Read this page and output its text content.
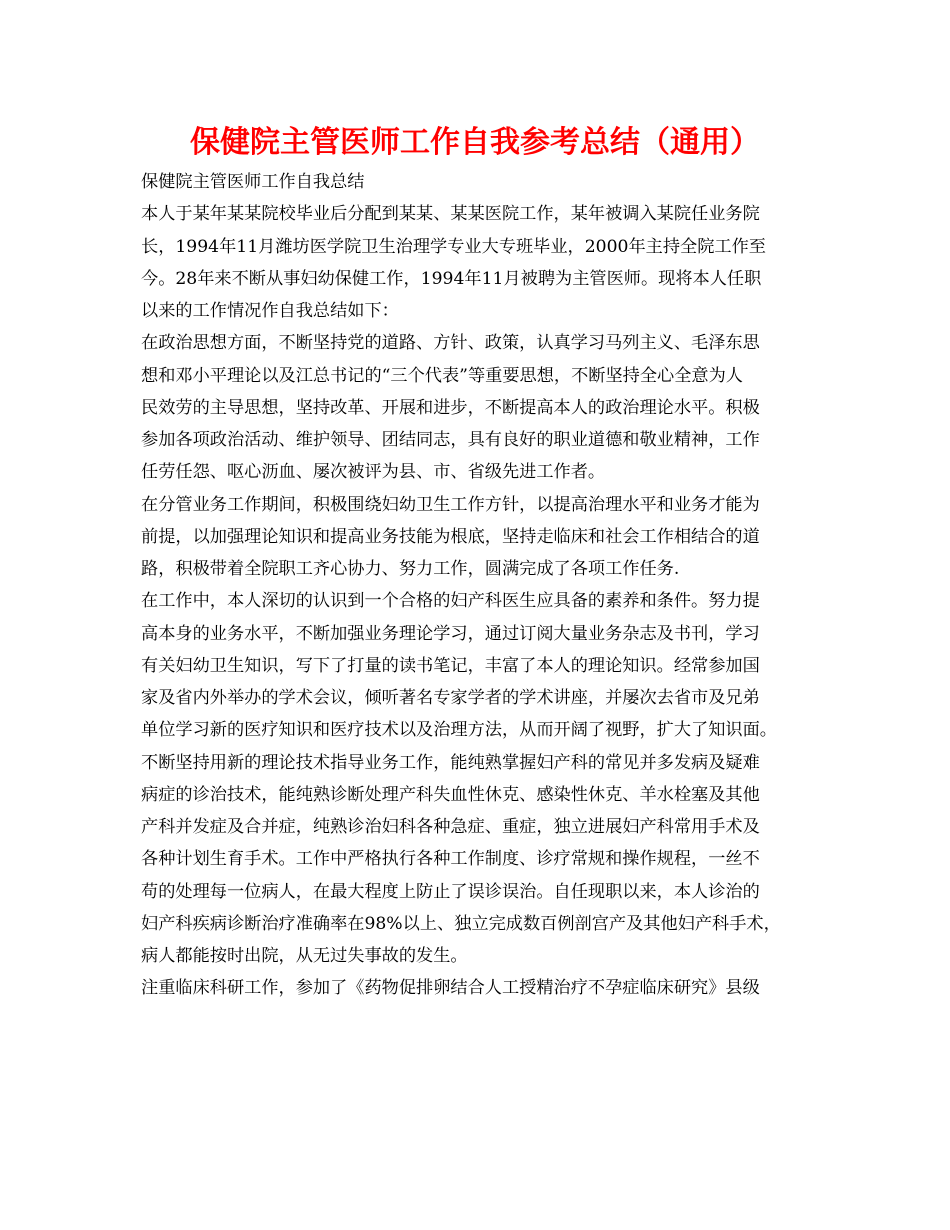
保健院主管医师工作自我参考总结（通用）
保健院主管医师工作自我总结
本人于某年某某院校毕业后分配到某某、某某医院工作，某年被调入某院任业务院
长，1994年11月潍坊医学院卫生治理学专业大专班毕业，2000年主持全院工作至
今。28年来不断从事妇幼保健工作，1994年11月被聘为主管医师。现将本人任职
以来的工作情况作自我总结如下：
在政治思想方面，不断坚持党的道路、方针、政策，认真学习马列主义、毛泽东思
想和邓小平理论以及江总书记的“三个代表”等重要思想，不断坚持全心全意为人
民效劳的主导思想，坚持改革、开展和进步，不断提高本人的政治理论水平。积极
参加各项政治活动、维护领导、团结同志，具有良好的职业道德和敬业精神，工作
任劳任怨、呕心沥血、屡次被评为县、市、省级先进工作者。
在分管业务工作期间，积极围绕妇幼卫生工作方针，以提高治理水平和业务才能为
前提，以加强理论知识和提高业务技能为根底，坚持走临床和社会工作相结合的道
路，积极带着全院职工齐心协力、努力工作，圆满完成了各项工作任务.
在工作中，本人深切的认识到一个合格的妇产科医生应具备的素养和条件。努力提
高本身的业务水平，不断加强业务理论学习，通过订阅大量业务杂志及书刊，学习
有关妇幼卫生知识，写下了打量的读书笔记，丰富了本人的理论知识。经常参加国
家及省内外举办的学术会议，倾听著名专家学者的学术讲座，并屡次去省市及兄弟
单位学习新的医疗知识和医疗技术以及治理方法，从而开阔了视野，扩大了知识面。
不断坚持用新的理论技术指导业务工作，能纯熟掌握妇产科的常见并多发病及疑难
病症的诊治技术，能纯熟诊断处理产科失血性休克、感染性休克、羊水栓塞及其他
产科并发症及合并症，纯熟诊治妇科各种急症、重症，独立进展妇产科常用手术及
各种计划生育手术。工作中严格执行各种工作制度、诊疗常规和操作规程，一丝不
苟的处理每一位病人，在最大程度上防止了误诊误治。自任现职以来，本人诊治的
妇产科疾病诊断治疗准确率在98%以上、独立完成数百例剖宫产及其他妇产科手术，
病人都能按时出院，从无过失事故的发生。
注重临床科研工作，参加了《药物促排卵结合人工授精治疗不孕症临床研究》县级
